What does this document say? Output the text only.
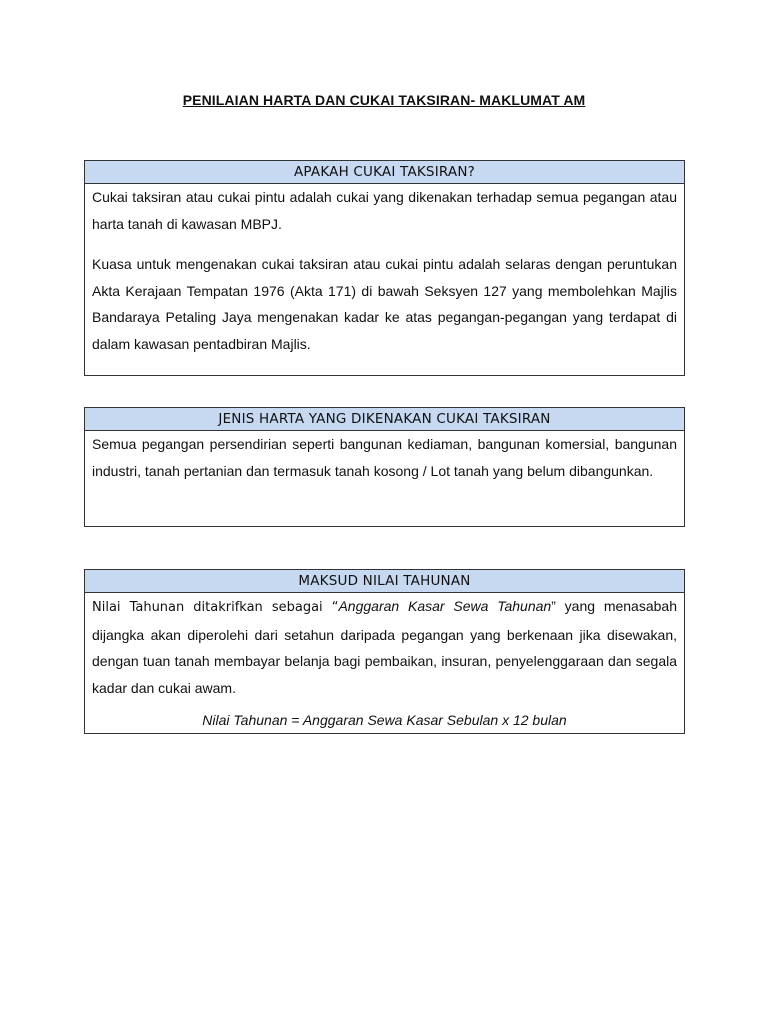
PENILAIAN HARTA DAN CUKAI TAKSIRAN- MAKLUMAT AM
APAKAH CUKAI TAKSIRAN?

Cukai taksiran atau cukai pintu adalah cukai yang dikenakan terhadap semua pegangan atau harta tanah di kawasan MBPJ.

Kuasa untuk mengenakan cukai taksiran atau cukai pintu adalah selaras dengan peruntukan Akta Kerajaan Tempatan 1976 (Akta 171) di bawah Seksyen 127 yang membolehkan Majlis Bandaraya Petaling Jaya mengenakan kadar ke atas pegangan-pegangan yang terdapat di dalam kawasan pentadbiran Majlis.

JENIS HARTA YANG DIKENAKAN CUKAI TAKSIRAN

Semua pegangan persendirian seperti bangunan kediaman, bangunan komersial, bangunan industri, tanah pertanian dan termasuk tanah kosong / Lot tanah yang belum dibangunkan.

MAKSUD NILAI TAHUNAN

Nilai Tahunan ditakrifkan sebagai “Anggaran Kasar Sewa Tahunan” yang menasabah dijangka akan diperolehi dari setahun daripada pegangan yang berkenaan jika disewakan, dengan tuan tanah membayar belanja bagi pembaikan, insuran, penyelenggaraan dan segala kadar dan cukai awam.

Nilai Tahunan = Anggaran Sewa Kasar Sebulan x 12 bulan
